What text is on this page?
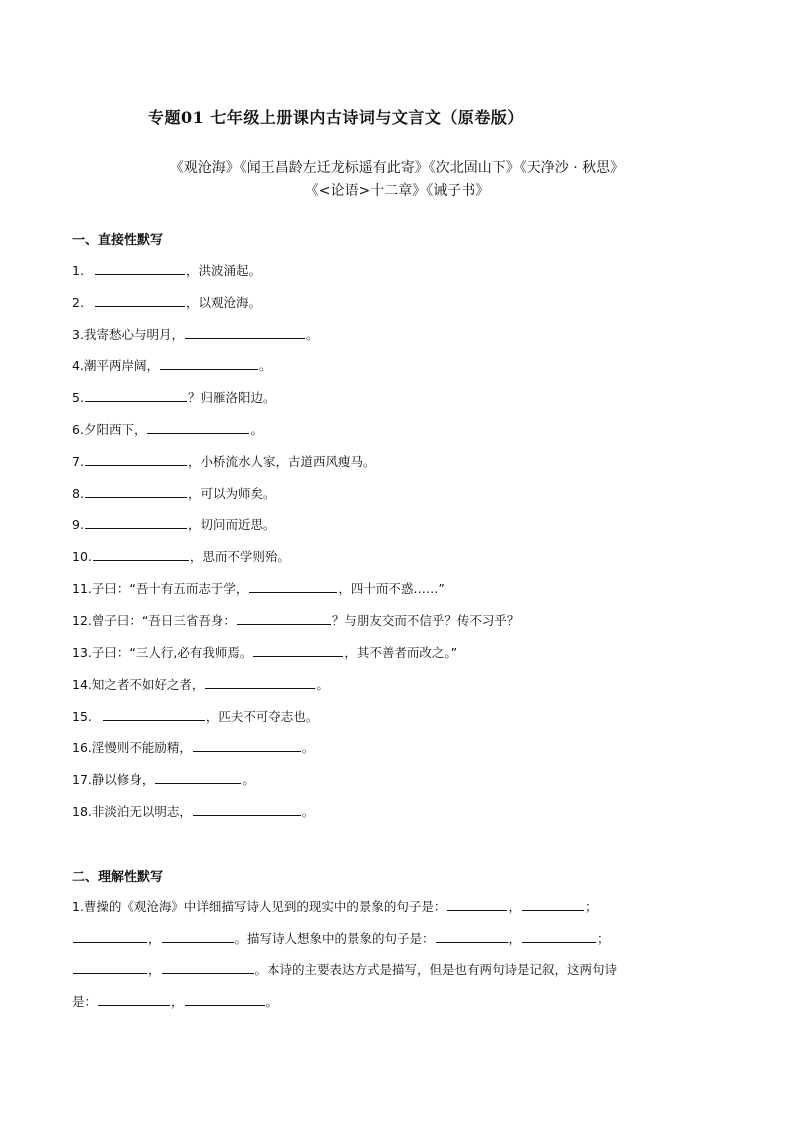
专题01 七年级上册课内古诗词与文言文（原卷版）
《观沧海》《闻王昌龄左迁龙标遥有此寄》《次北固山下》《天净沙 · 秋思》
《<论语>十二章》《诫子书》
一、直接性默写
1.	，洪波涌起。
2.	，以观沧海。
3.我寄愁心与明月，	。
4.潮平两岸阔，	。
5.	？归雁洛阳边。
6.夕阳西下，	。
7.	，小桥流水人家，古道西风瘦马。
8.	，可以为师矣。
9.	，切问而近思。
10.	，思而不学则殆。
11.子曰：“吾十有五而志于学，	，四十而不惑……”
12.曾子曰：“吾日三省吾身：	？与朋友交而不信乎？传不习乎？
13.子曰：“三人行,必有我师焉。	，其不善者而改之。”
14.知之者不如好之者，	。
15.	，匹夫不可夺志也。
16.淫慢则不能励精，	。
17.静以修身，	。
18.非淡泊无以明志，	。
二、理解性默写
1.曹操的《观沧海》中详细描写诗人见到的现实中的景象的句子是：	，	；
，	。描写诗人想象中的景象的句子是：	，	；
，	。本诗的主要表达方式是描写，但是也有两句诗是记叙，这两句诗
是：	，	。
